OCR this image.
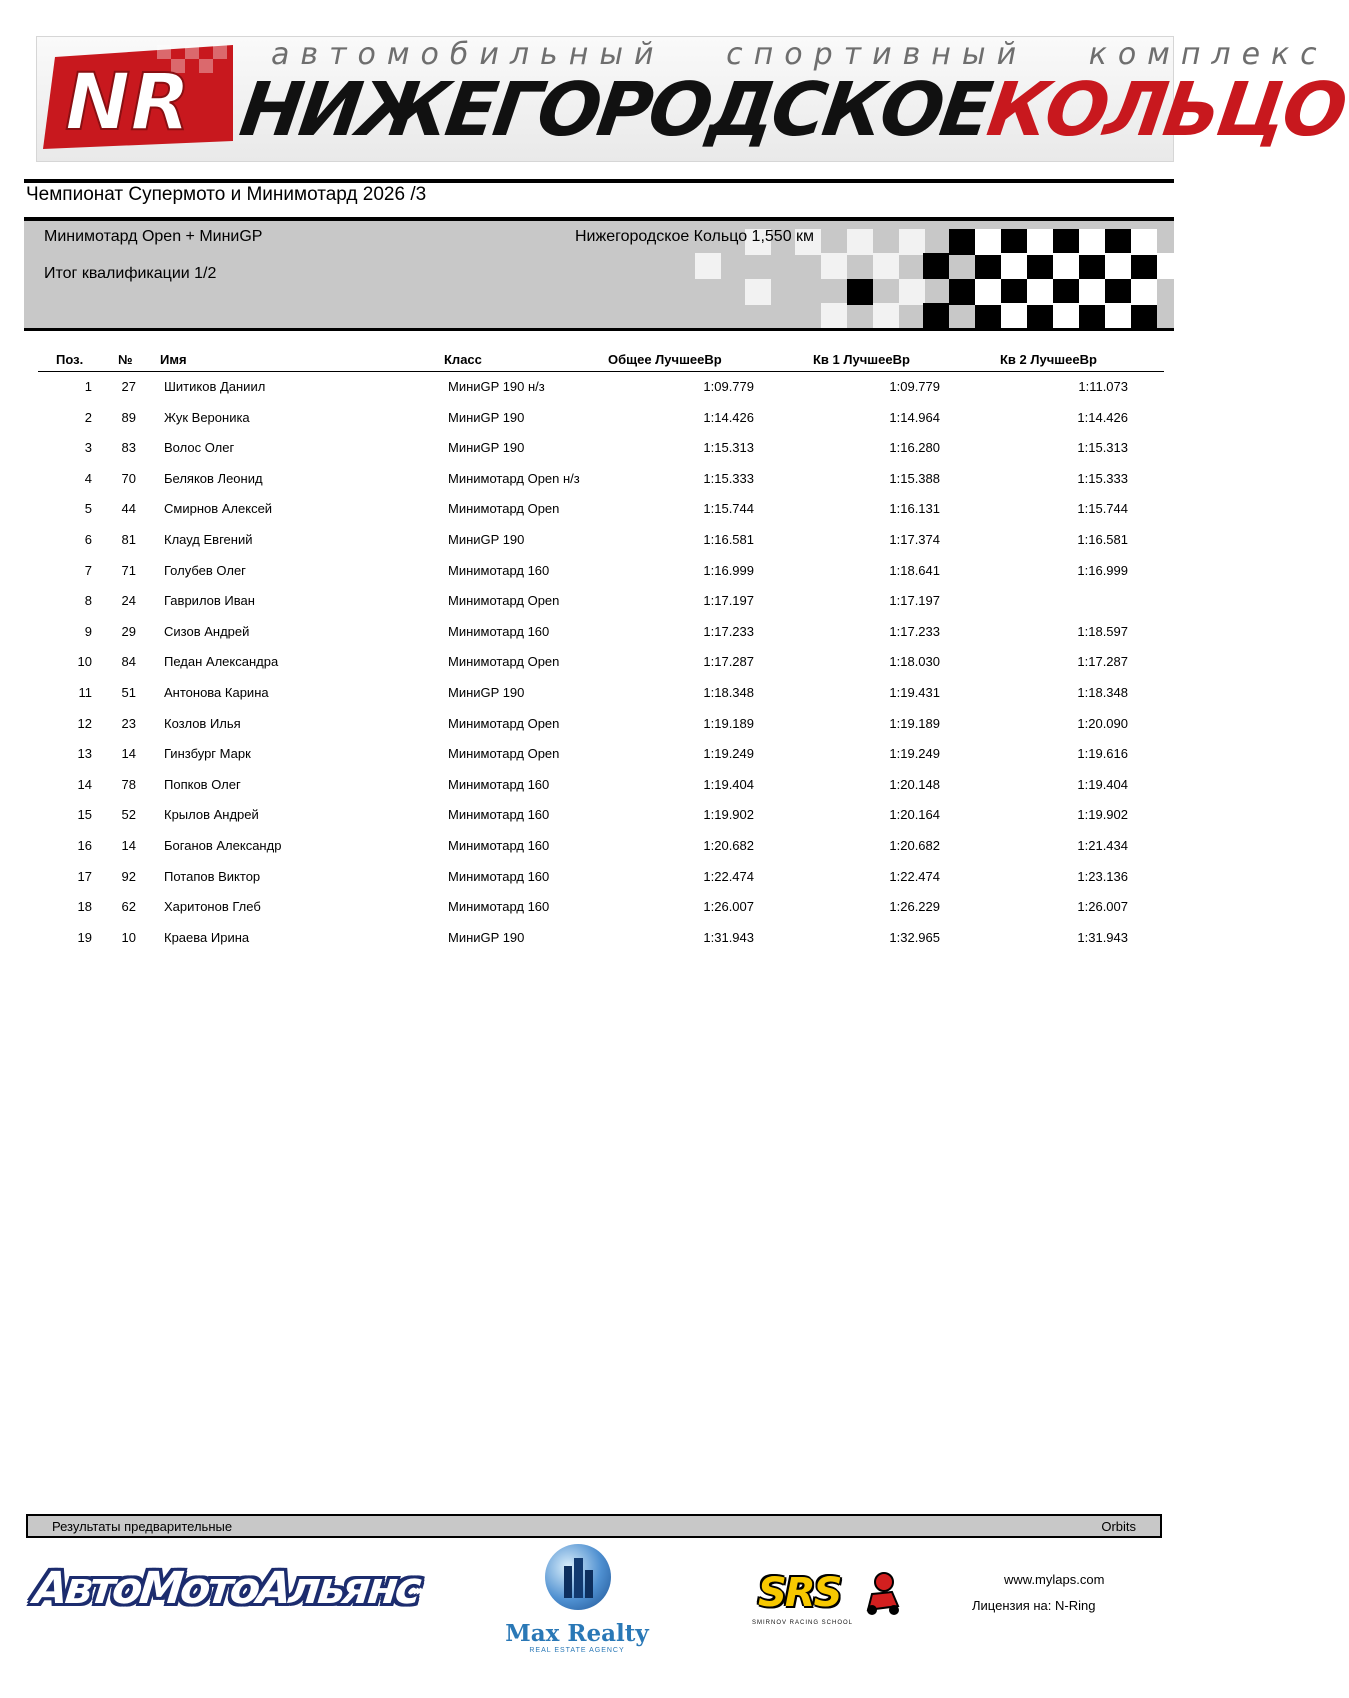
NR
автомобильный   спортивный   комплекс
НИЖЕГОРОДСКОЕКОЛЬЦО
Чемпионат Супермото и Минимотард 2026 /3
Минимотард Open + МиниGP
Итог квалификации 1/2
Нижегородское Кольцо 1,550 км
Поз.	№ Имя	Класс	Общее ЛучшееВр	Кв 1 ЛучшееВр	Кв 2 ЛучшееВр
1	27 Шитиков Даниил	МиниGP 190 н/з	1:09.779	1:09.779	1:11.073
2	89 Жук Вероника	МиниGP 190	1:14.426	1:14.964	1:14.426
3	83 Волос Олег	МиниGP 190	1:15.313	1:16.280	1:15.313
4	70 Беляков Леонид	Минимотард Open н/з	1:15.333	1:15.388	1:15.333
5	44 Смирнов Алексей	Минимотард Open	1:15.744	1:16.131	1:15.744
6	81 Клауд Евгений	МиниGP 190	1:16.581	1:17.374	1:16.581
7	71 Голубев Олег	Минимотард 160	1:16.999	1:18.641	1:16.999
8	24 Гаврилов Иван	Минимотард Open	1:17.197	1:17.197
9	29 Сизов Андрей	Минимотард 160	1:17.233	1:17.233	1:18.597
10	84 Педан Александра	Минимотард Open	1:17.287	1:18.030	1:17.287
11	51 Антонова Карина	МиниGP 190	1:18.348	1:19.431	1:18.348
12	23 Козлов Илья	Минимотард Open	1:19.189	1:19.189	1:20.090
13	14 Гинзбург Марк	Минимотард Open	1:19.249	1:19.249	1:19.616
14	78 Попков Олег	Минимотард 160	1:19.404	1:20.148	1:19.404
15	52 Крылов Андрей	Минимотард 160	1:19.902	1:20.164	1:19.902
16	14 Боганов Александр	Минимотард 160	1:20.682	1:20.682	1:21.434
17	92 Потапов Виктор	Минимотард 160	1:22.474	1:22.474	1:23.136
18	62 Харитонов Глеб	Минимотард 160	1:26.007	1:26.229	1:26.007
19	10 Краева Ирина	МиниGP 190	1:31.943	1:32.965	1:31.943
Результаты предварительные	Orbits
АвтоМотоАльянс
Max Realty
REAL ESTATE AGENCY
SRS
SMIRNOV RACING SCHOOL
www.mylaps.com
Лицензия на: N-Ring
